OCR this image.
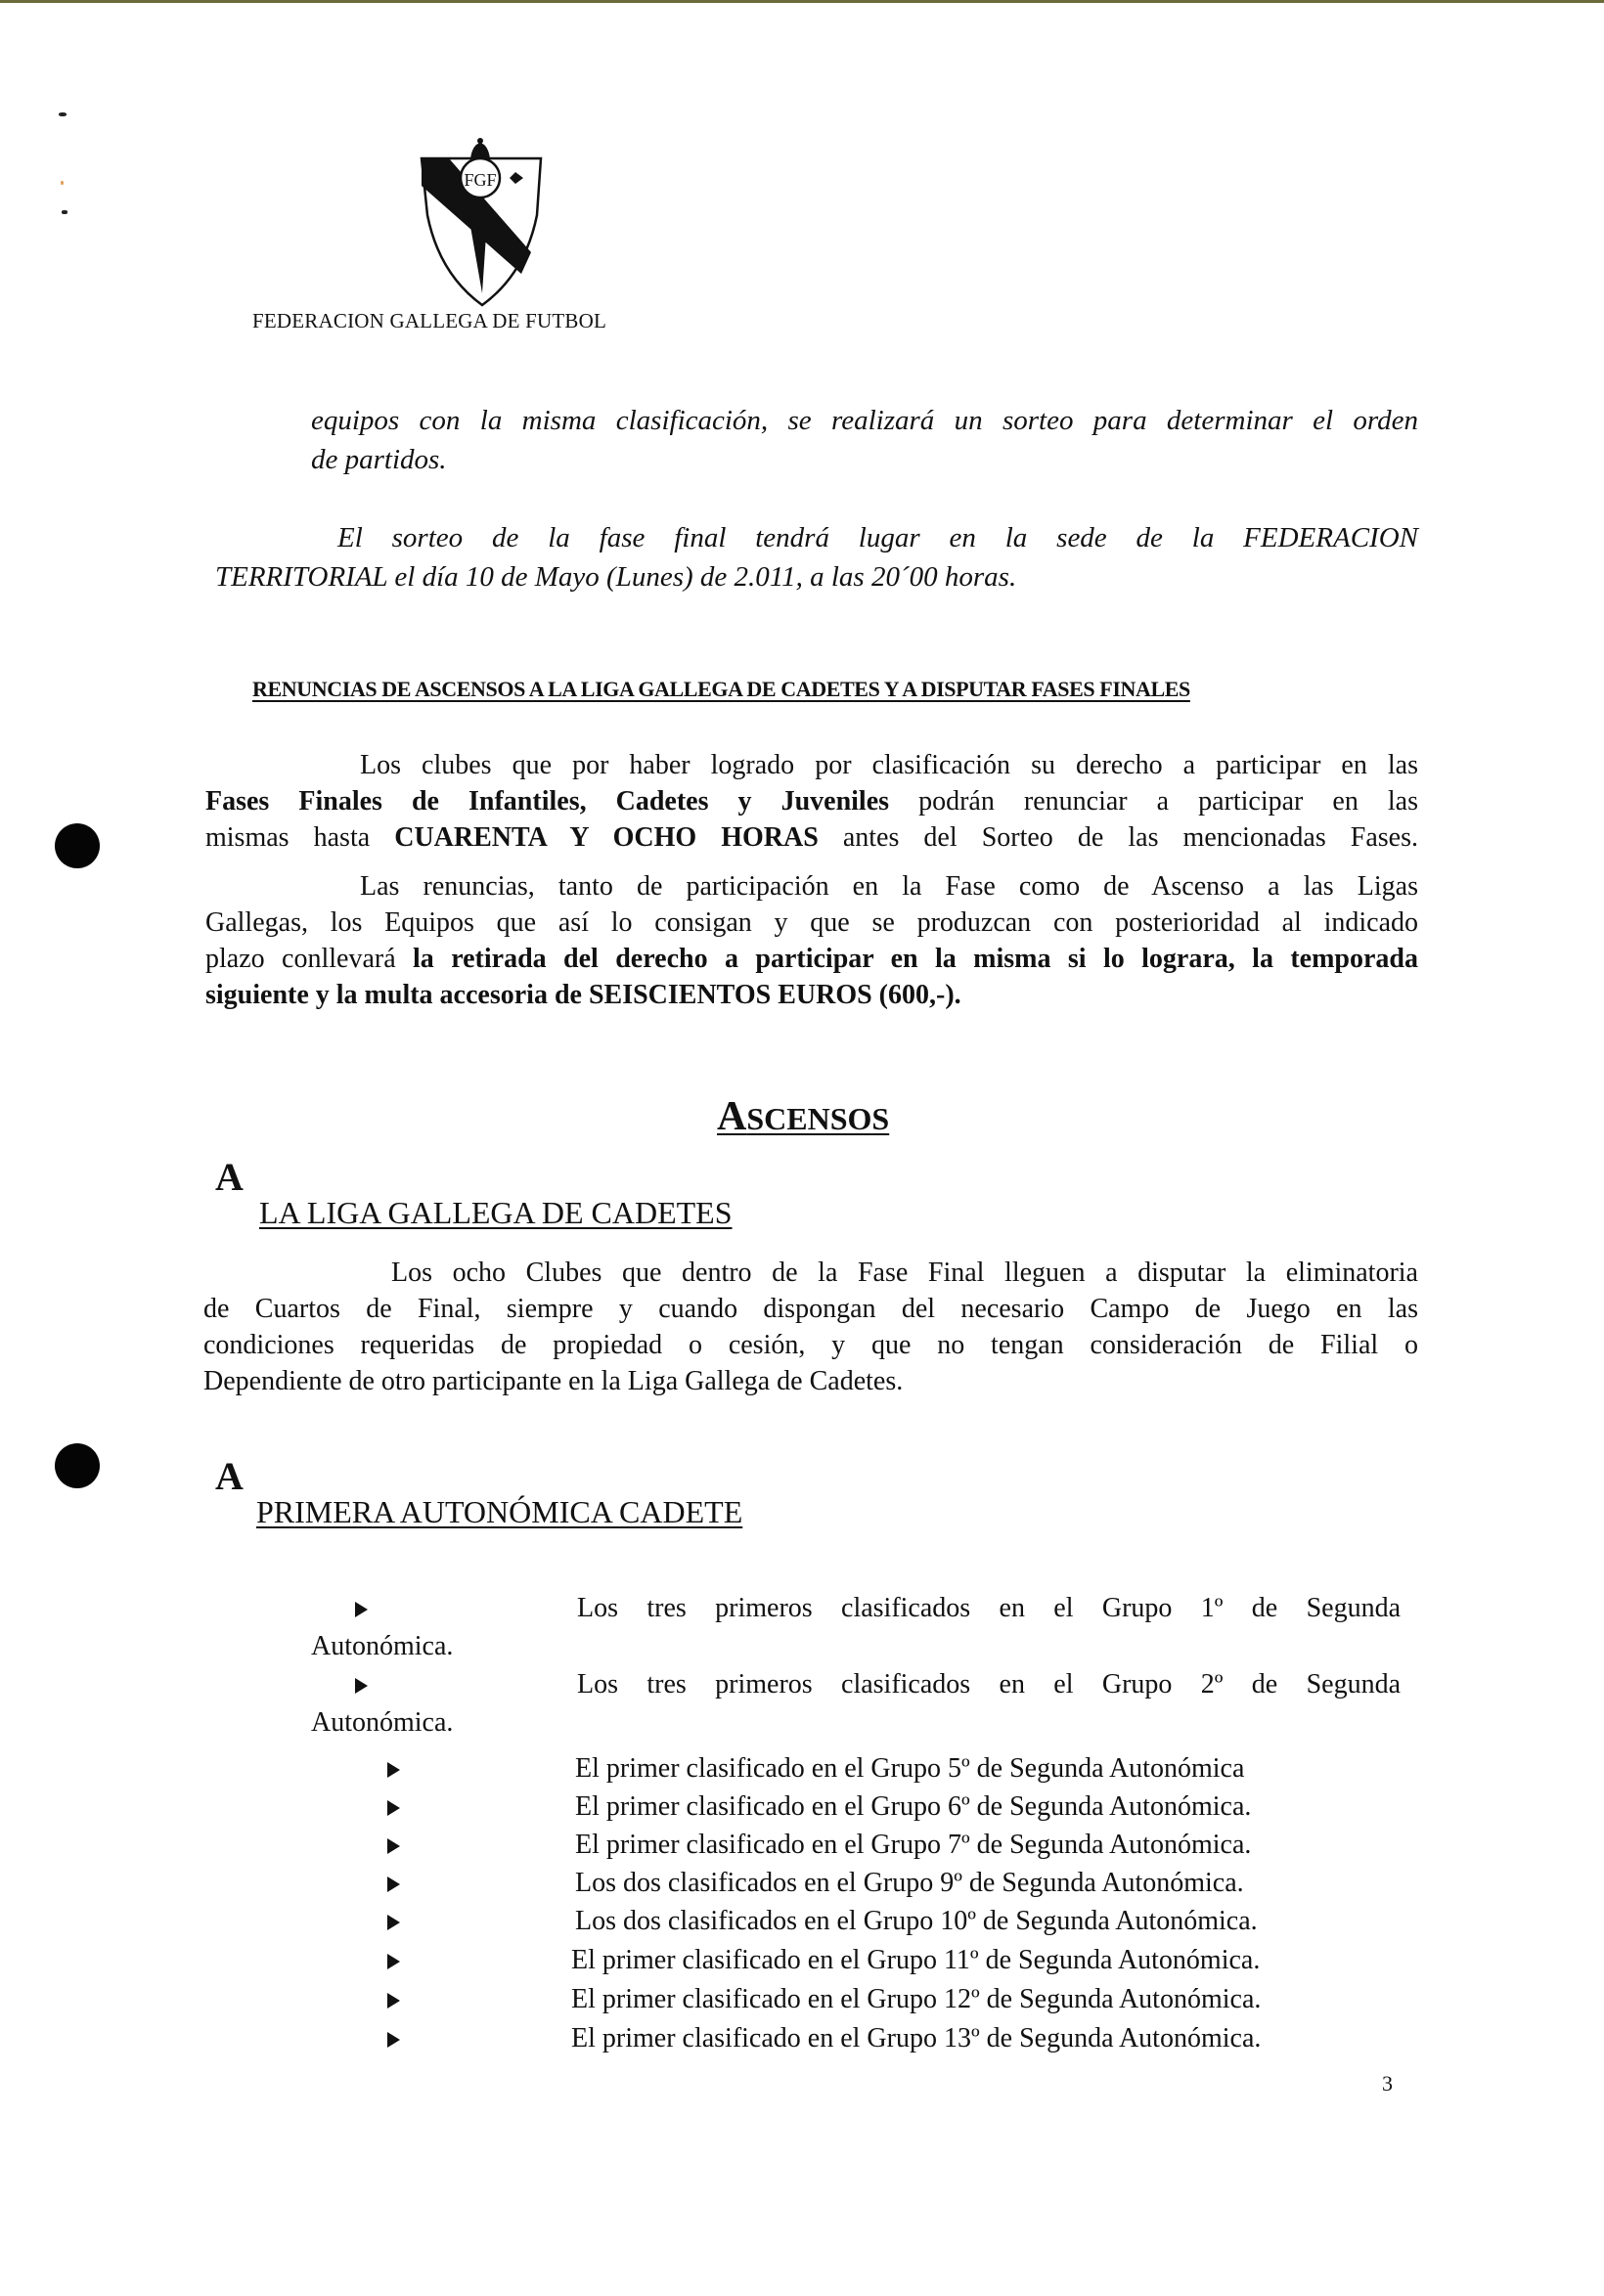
FGF
FEDERACION GALLEGA DE FUTBOL
equipos con la misma clasificación, se realizará un sorteo para determinar el orden
de partidos.
El sorteo de la fase final tendrá lugar en la sede de la FEDERACION
TERRITORIAL el día 10 de Mayo (Lunes) de 2.011, a las 20´00 horas.
RENUNCIAS DE ASCENSOS A LA LIGA GALLEGA DE CADETES Y A DISPUTAR FASES FINALES
Los clubes que por haber logrado por clasificación su derecho a participar en las
Fases Finales de Infantiles, Cadetes y Juveniles podrán renunciar a participar en las
mismas hasta CUARENTA Y OCHO HORAS antes del Sorteo de las mencionadas Fases.
Las renuncias, tanto de participación en la Fase como de Ascenso a las Ligas
Gallegas, los Equipos que así lo consigan y que se produzcan con posterioridad al indicado
plazo conllevará la retirada del derecho a participar en la misma si lo lograra, la temporada
siguiente y la multa accesoria de SEISCIENTOS EUROS (600,-).
ASCENSOS
A
LA LIGA GALLEGA DE CADETES
Los ocho Clubes que dentro de la Fase Final lleguen a disputar la eliminatoria
de Cuartos de Final, siempre y cuando dispongan del necesario Campo de Juego en las
condiciones requeridas de propiedad o cesión, y que no tengan consideración de Filial o
Dependiente de otro participante en la Liga Gallega de Cadetes.
A
PRIMERA AUTONÓMICA CADETE
Los tres primeros clasificados en el Grupo 1º de Segunda
Autonómica.
Los tres primeros clasificados en el Grupo 2º de Segunda
Autonómica.
El primer clasificado en el Grupo 5º de Segunda Autonómica
El primer clasificado en el Grupo 6º de Segunda Autonómica.
El primer clasificado en el Grupo 7º de Segunda Autonómica.
Los dos clasificados en el Grupo 9º de Segunda Autonómica.
Los dos clasificados en el Grupo 10º de Segunda Autonómica.
El primer clasificado en el Grupo 11º de Segunda Autonómica.
El primer clasificado en el Grupo 12º de Segunda Autonómica.
El primer clasificado en el Grupo 13º de Segunda Autonómica.
3
